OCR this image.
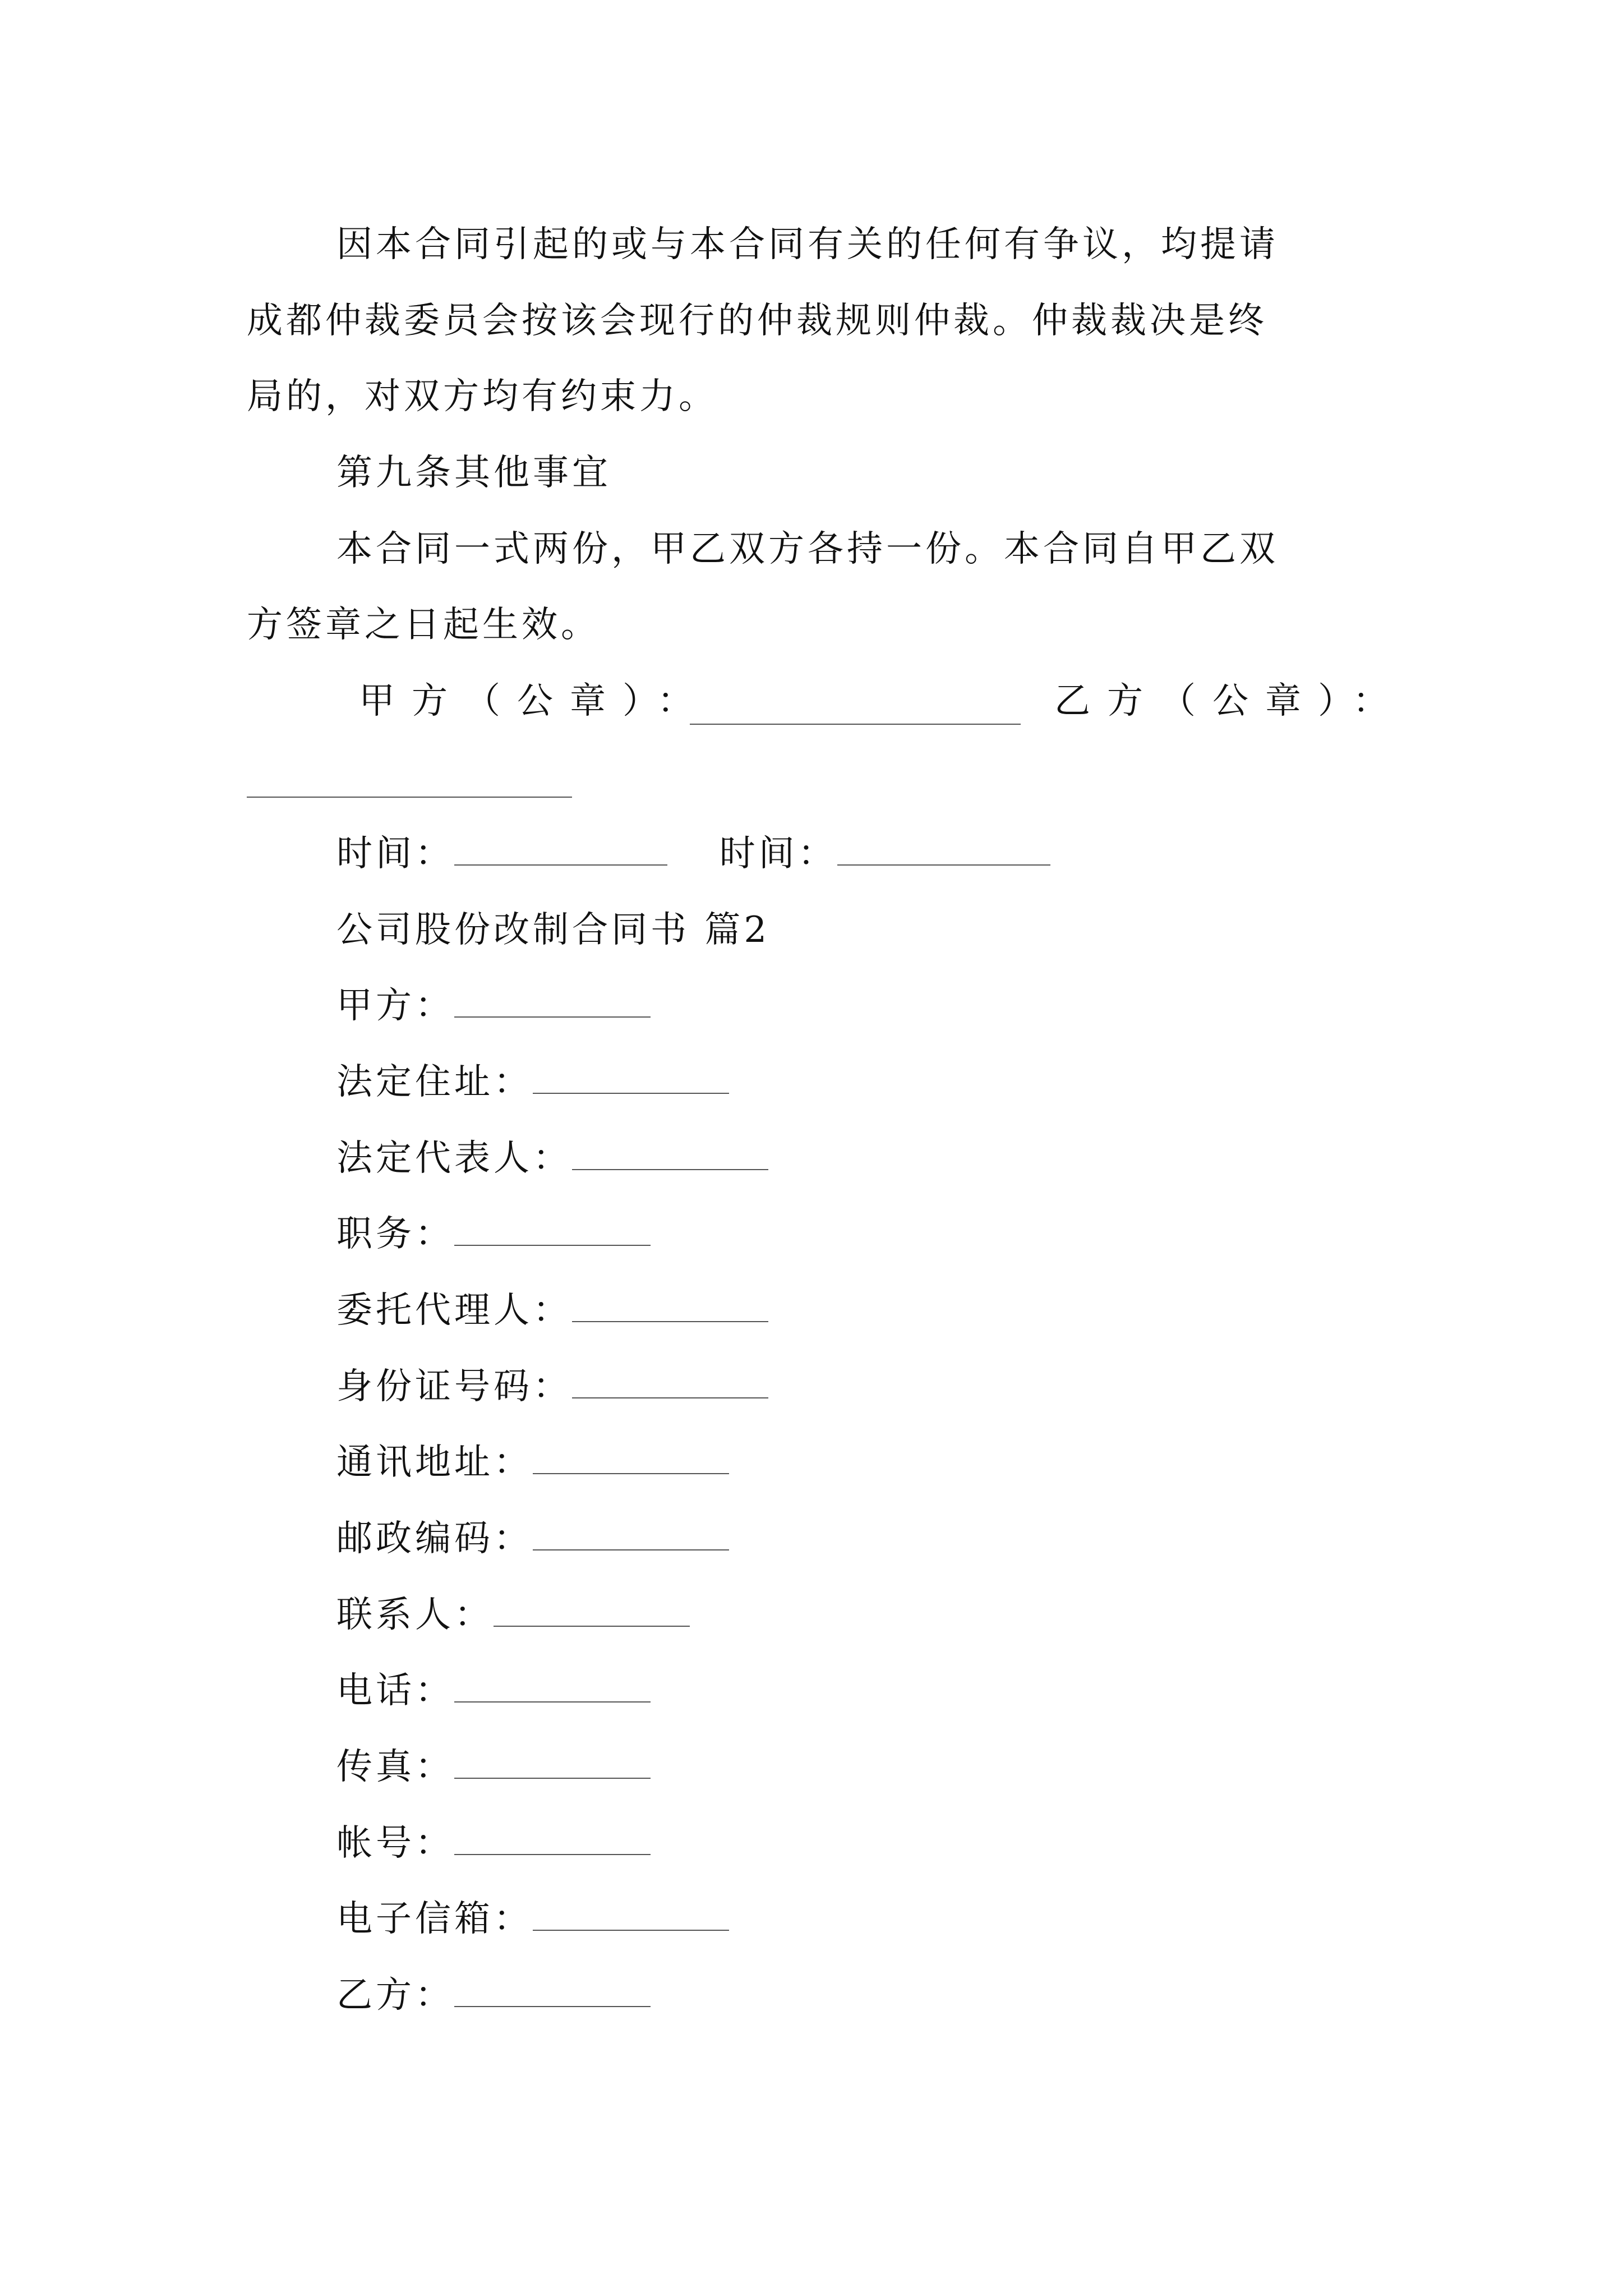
因本合同引起的或与本合同有关的任何有争议，均提请
成都仲裁委员会按该会现行的仲裁规则仲裁。仲裁裁决是终
局的，对双方均有约束力。
第九条其他事宜
本合同一式两份，甲乙双方各持一份。本合同自甲乙双
方签章之日起生效。
甲方（公章）：	乙方（公章）：
时间：	时间：
公司股份改制合同书 篇2
甲方：
法定住址：
法定代表人：
职务：
委托代理人：
身份证号码：
通讯地址：
邮政编码：
联系人：
电话：
传真：
帐号：
电子信箱：
乙方：
